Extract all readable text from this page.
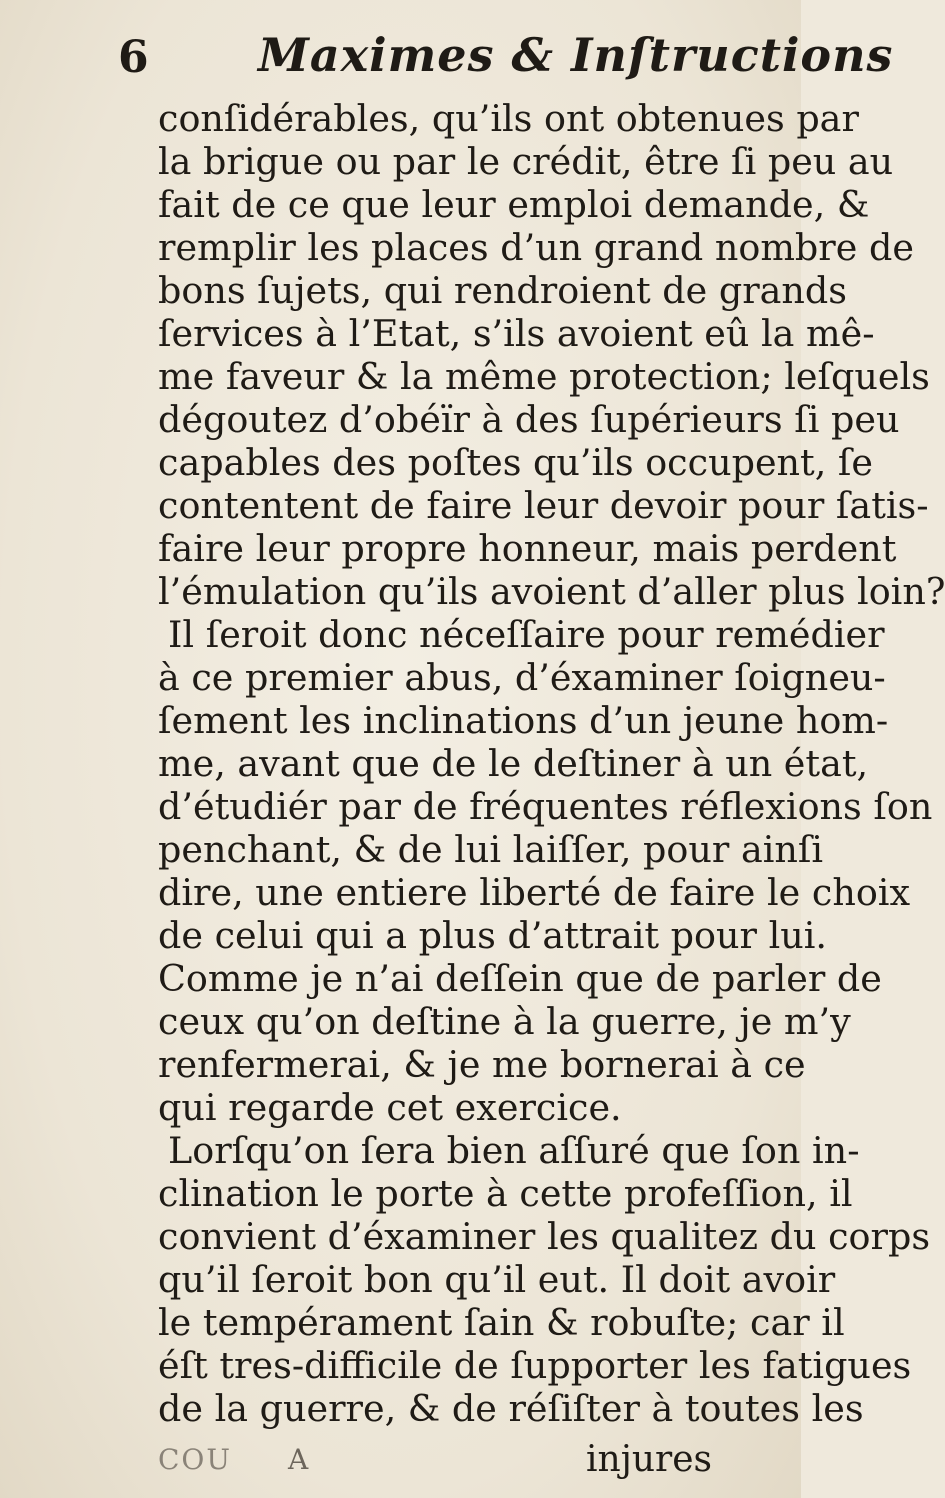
6 Maximes & Inſtructions
conſidérables, qu’ils ont obtenues par
la brigue ou par le crédit, être ſi peu au
fait de ce que leur emploi demande, &
remplir les places d’un grand nombre de
bons ſujets, qui rendroient de grands
ſervices à l’Etat, s’ils avoient eû la mê-
me faveur & la même protection; leſquels
dégoutez d’obéïr à des ſupérieurs ſi peu
capables des poſtes qu’ils occupent, ſe
contentent de faire leur devoir pour ſatis-
faire leur propre honneur, mais perdent
l’émulation qu’ils avoient d’aller plus loin?
Il ſeroit donc néceſſaire pour remédier
à ce premier abus, d’éxaminer ſoigneu-
ſement les inclinations d’un jeune hom-
me, avant que de le deſtiner à un état,
d’étudiér par de fréquentes réflexions ſon
penchant, & de lui laiſſer, pour ainſi
dire, une entiere liberté de faire le choix
de celui qui a plus d’attrait pour lui.
Comme je n’ai deſſein que de parler de
ceux qu’on deſtine à la guerre, je m’y
renfermerai, & je me bornerai à ce
qui regarde cet exercice.
Lorſqu’on ſera bien aſſuré que ſon in-
clination le porte à cette profeſſion, il
convient d’éxaminer les qualitez du corps
qu’il ſeroit bon qu’il eut. Il doit avoir
le tempérament ſain & robuſte; car il
éſt tres-difficile de ſupporter les fatigues
de la guerre, & de réſiſter à toutes les
COU A	injures
